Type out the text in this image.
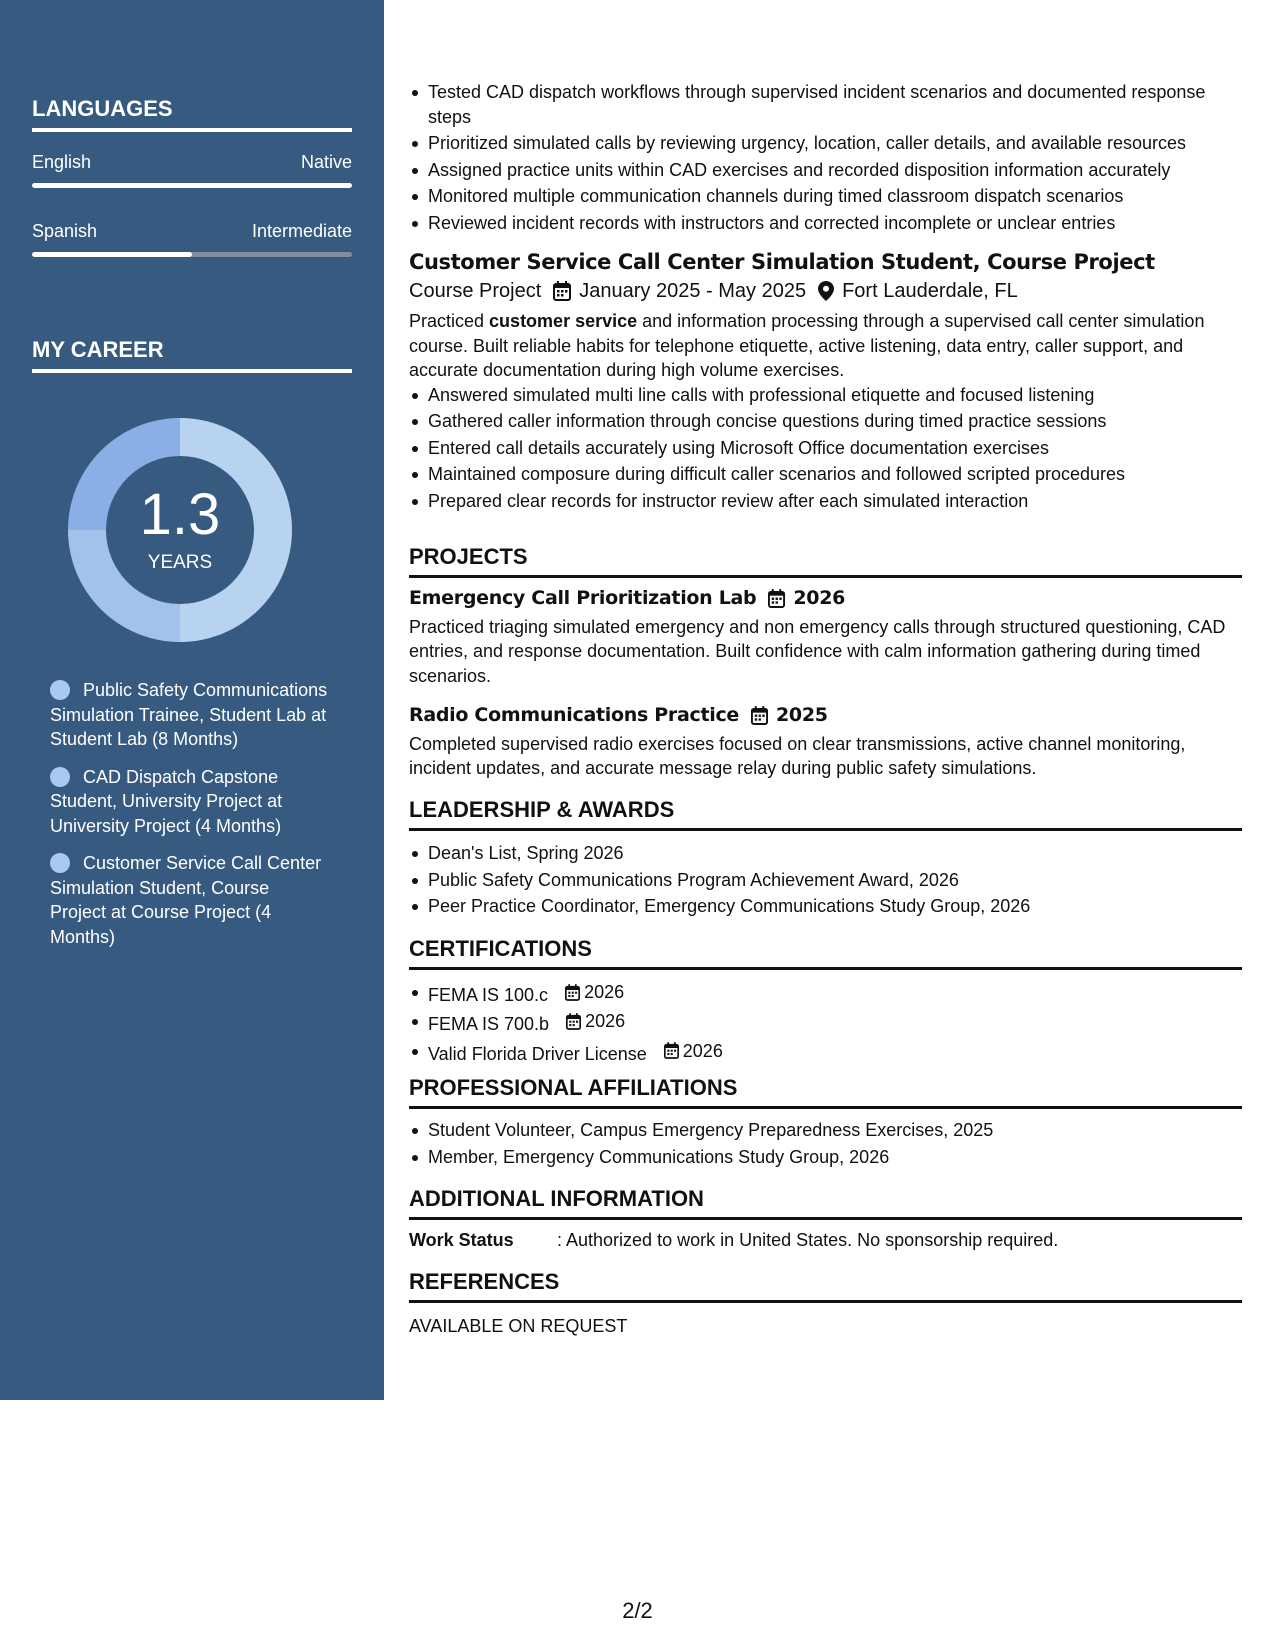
LANGUAGES
English	Native
Spanish	Intermediate
MY CAREER
1.3
YEARS
Public Safety Communications Simulation Trainee, Student Lab at Student Lab (8 Months)
CAD Dispatch Capstone Student, University Project at University Project (4 Months)
Customer Service Call Center Simulation Student, Course Project at Course Project (4 Months)
Tested CAD dispatch workflows through supervised incident scenarios and documented response steps
Prioritized simulated calls by reviewing urgency, location, caller details, and available resources
Assigned practice units within CAD exercises and recorded disposition information accurately
Monitored multiple communication channels during timed classroom dispatch scenarios
Reviewed incident records with instructors and corrected incomplete or unclear entries
Customer Service Call Center Simulation Student, Course Project
Course Project January 2025 - May 2025 Fort Lauderdale, FL

Practiced customer service and information processing through a supervised call center simulation course. Built reliable habits for telephone etiquette, active listening, data entry, caller support, and accurate documentation during high volume exercises.

Answered simulated multi line calls with professional etiquette and focused listening
Gathered caller information through concise questions during timed practice sessions
Entered call details accurately using Microsoft Office documentation exercises
Maintained composure during difficult caller scenarios and followed scripted procedures
Prepared clear records for instructor review after each simulated interaction
PROJECTS
Emergency Call Prioritization Lab 2026

Practiced triaging simulated emergency and non emergency calls through structured questioning, CAD entries, and response documentation. Built confidence with calm information gathering during timed scenarios.

Radio Communications Practice 2025

Completed supervised radio exercises focused on clear transmissions, active channel monitoring, incident updates, and accurate message relay during public safety simulations.

LEADERSHIP & AWARDS
Dean's List, Spring 2026
Public Safety Communications Program Achievement Award, 2026
Peer Practice Coordinator, Emergency Communications Study Group, 2026
CERTIFICATIONS
FEMA IS 100.c 2026
FEMA IS 700.b 2026
Valid Florida Driver License 2026
PROFESSIONAL AFFILIATIONS
Student Volunteer, Campus Emergency Preparedness Exercises, 2025
Member, Emergency Communications Study Group, 2026
ADDITIONAL INFORMATION
Work Status	: Authorized to work in United States. No sponsorship required.
REFERENCES
AVAILABLE ON REQUEST
2/2
